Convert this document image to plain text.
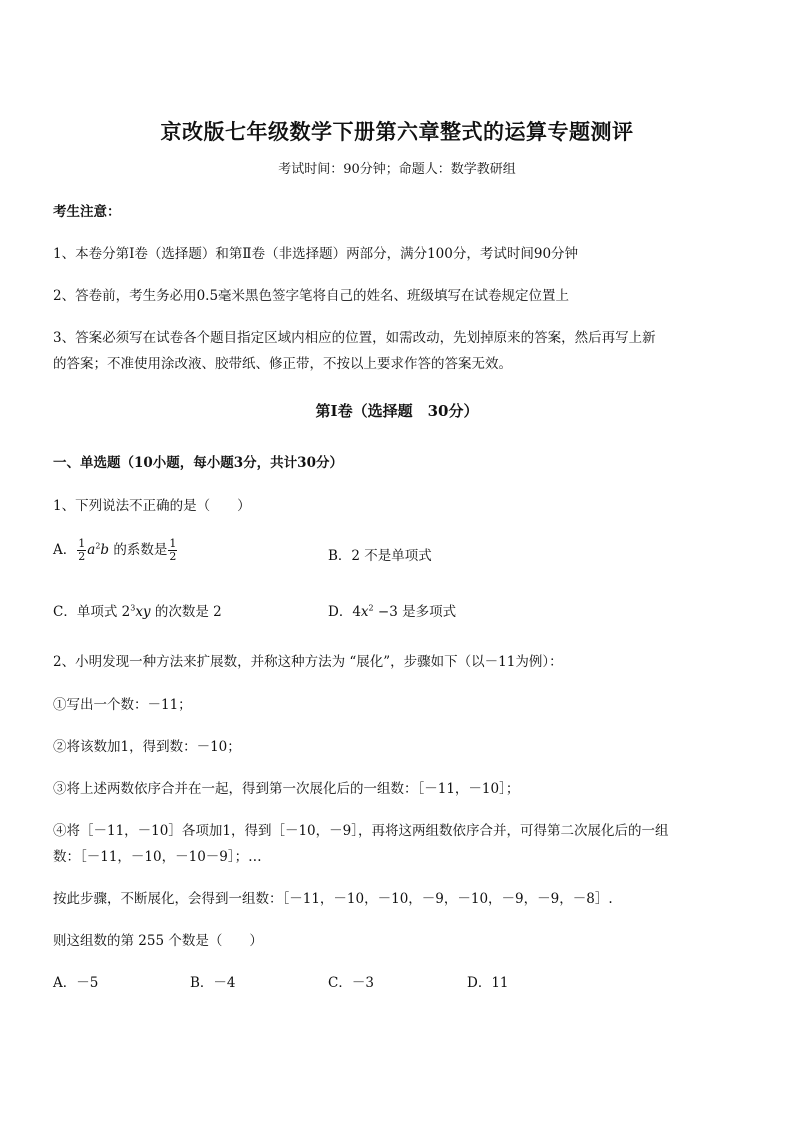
京改版七年级数学下册第六章整式的运算专题测评
考试时间：90分钟；命题人：数学教研组
考生注意：
1、本卷分第Ⅰ卷（选择题）和第Ⅱ卷（非选择题）两部分，满分100分，考试时间90分钟
2、答卷前，考生务必用0.5毫米黑色签字笔将自己的姓名、班级填写在试卷规定位置上
3、答案必须写在试卷各个题目指定区域内相应的位置，如需改动，先划掉原来的答案，然后再写上新
的答案；不准使用涂改液、胶带纸、修正带，不按以上要求作答的答案无效。
第Ⅰ卷（选择题　30分）
一、单选题（10小题，每小题3分，共计30分）
1、下列说法不正确的是（　　）
A． $\frac{1}{2} a^2b$ 的系数是 $\frac{1}{2}$	B．2 不是单项式
C．单项式 $2^3xy$ 的次数是 2	D．$4x^2 -3$ 是多项式
2、小明发现一种方法来扩展数，并称这种方法为 “展化”，步骤如下（以－11为例）：
①写出一个数：－11；
②将该数加1，得到数：－10；
③将上述两数依序合并在一起，得到第一次展化后的一组数：［－11，－10］；
④将［－11，－10］各项加1，得到［－10，－9］，再将这两组数依序合并，可得第二次展化后的一组
数：［－11，－10，－10－9］；…
按此步骤，不断展化，会得到一组数：［－11，－10，－10，－9，－10，－9，－9，－8］.
则这组数的第 255 个数是（　　）
A．－5	B．－4	C．－3	D．11
